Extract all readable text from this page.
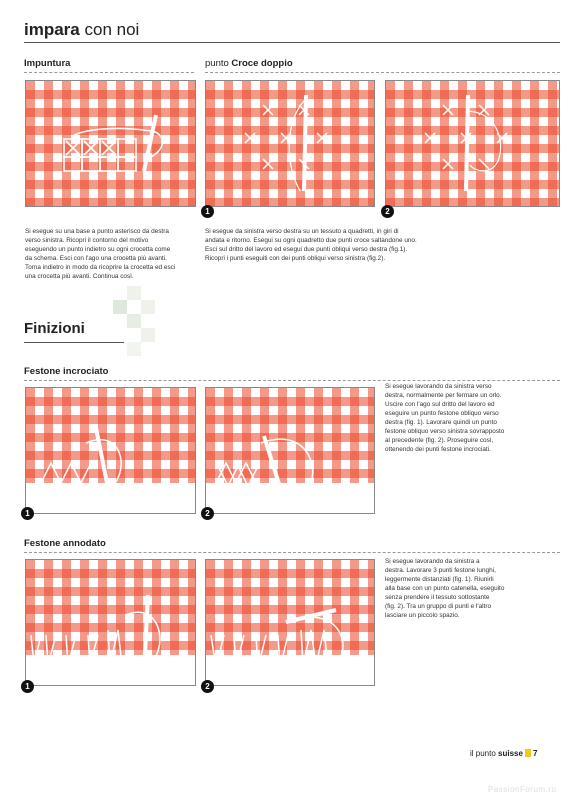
impara con noi
Impuntura	punto Croce doppio
1	2
Si esegue su una base a punto asterisco da destra
verso sinistra. Ricopri il contorno del motivo
eseguendo un punto indietro su ogni crocetta come
da schema. Esci con l'ago una crocetta più avanti.
Torna indietro in modo da ricoprire la crocetta ed esci
una crocetta più avanti. Continua così.
Si esegue da sinistra verso destra su un tessuto a quadretti, in giri di
andata e ritorno. Esegui su ogni quadretto due punti croce saltandone uno.
Esci sul dritto del lavoro ed esegui due punti obliqui verso destra (fig.1).
Ricopri i punti eseguiti con dei punti obliqui verso sinistra (fig.2).
Finizioni
Festone incrociato
1	2
Si esegue lavorando da sinistra verso
destra, normalmente per fermare un orlo.
Uscire con l'ago sul dritto del lavoro ed
eseguire un punto festone obliquo verso
destra (fig. 1). Lavorare quindi un punto
festone obliquo verso sinistra sovrapposto
al precedente (fig. 2). Proseguire così,
ottenendo dei punti festone incrociati.
Festone annodato
1	2
Si esegue lavorando da sinistra a
destra. Lavorare 3 punti festone lunghi,
leggermente distanziati (fig. 1). Riunirli
alla base con un punto catenella, eseguito
senza prendere il tessuto sottostante
(fig. 2). Tra un gruppo di punti e l'altro
lasciare un piccolo spazio.
il punto suisse 7
PassionForum.ru
